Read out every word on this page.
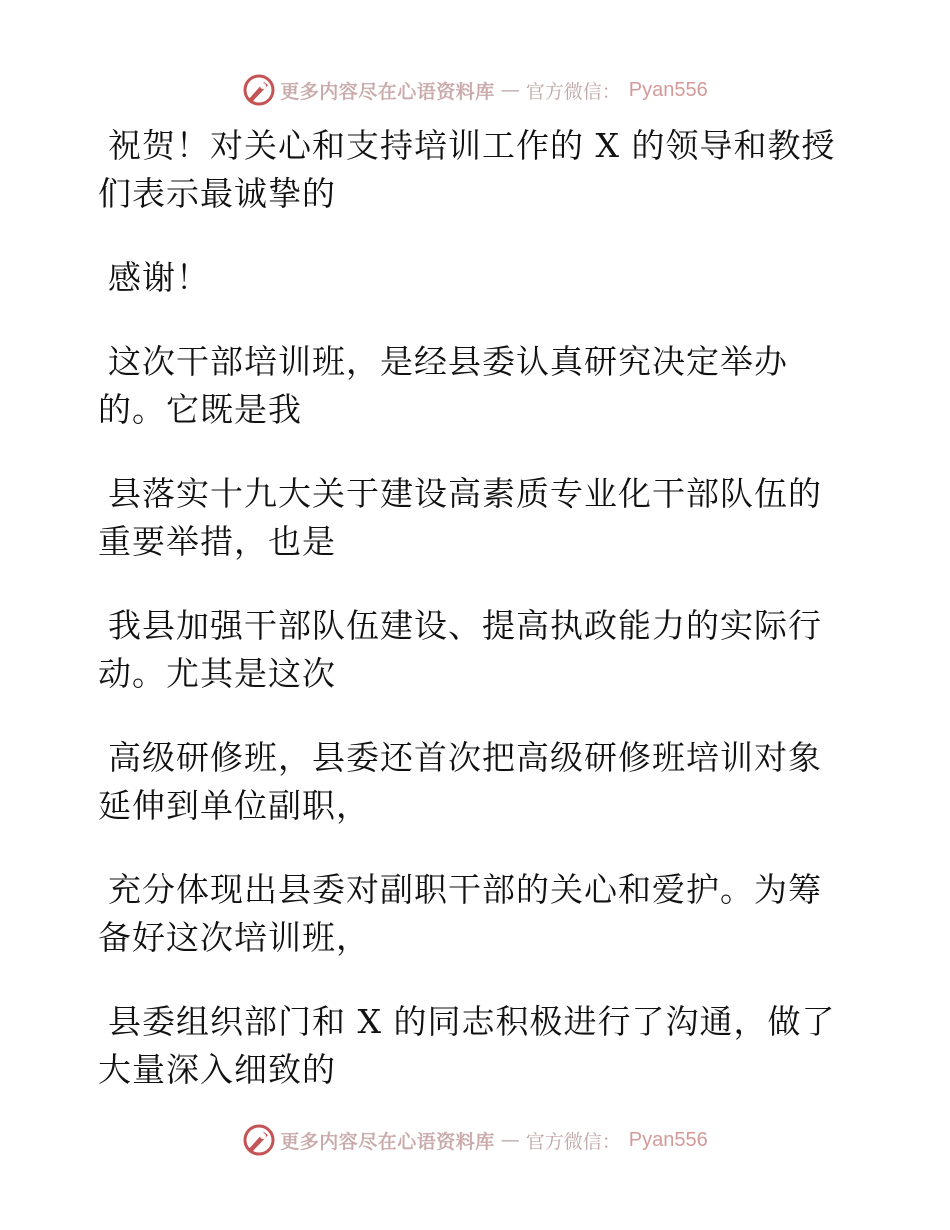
更多内容尽在心语资料库 — 官方微信： Pyan556
祝贺！对关心和支持培训工作的 X 的领导和教授
们表示最诚挚的
感谢！
这次干部培训班，是经县委认真研究决定举办
的。它既是我
县落实十九大关于建设高素质专业化干部队伍的
重要举措，也是
我县加强干部队伍建设、提高执政能力的实际行
动。尤其是这次
高级研修班，县委还首次把高级研修班培训对象
延伸到单位副职，
充分体现出县委对副职干部的关心和爱护。为筹
备好这次培训班，
县委组织部门和 X 的同志积极进行了沟通，做了
大量深入细致的
更多内容尽在心语资料库 — 官方微信： Pyan556
